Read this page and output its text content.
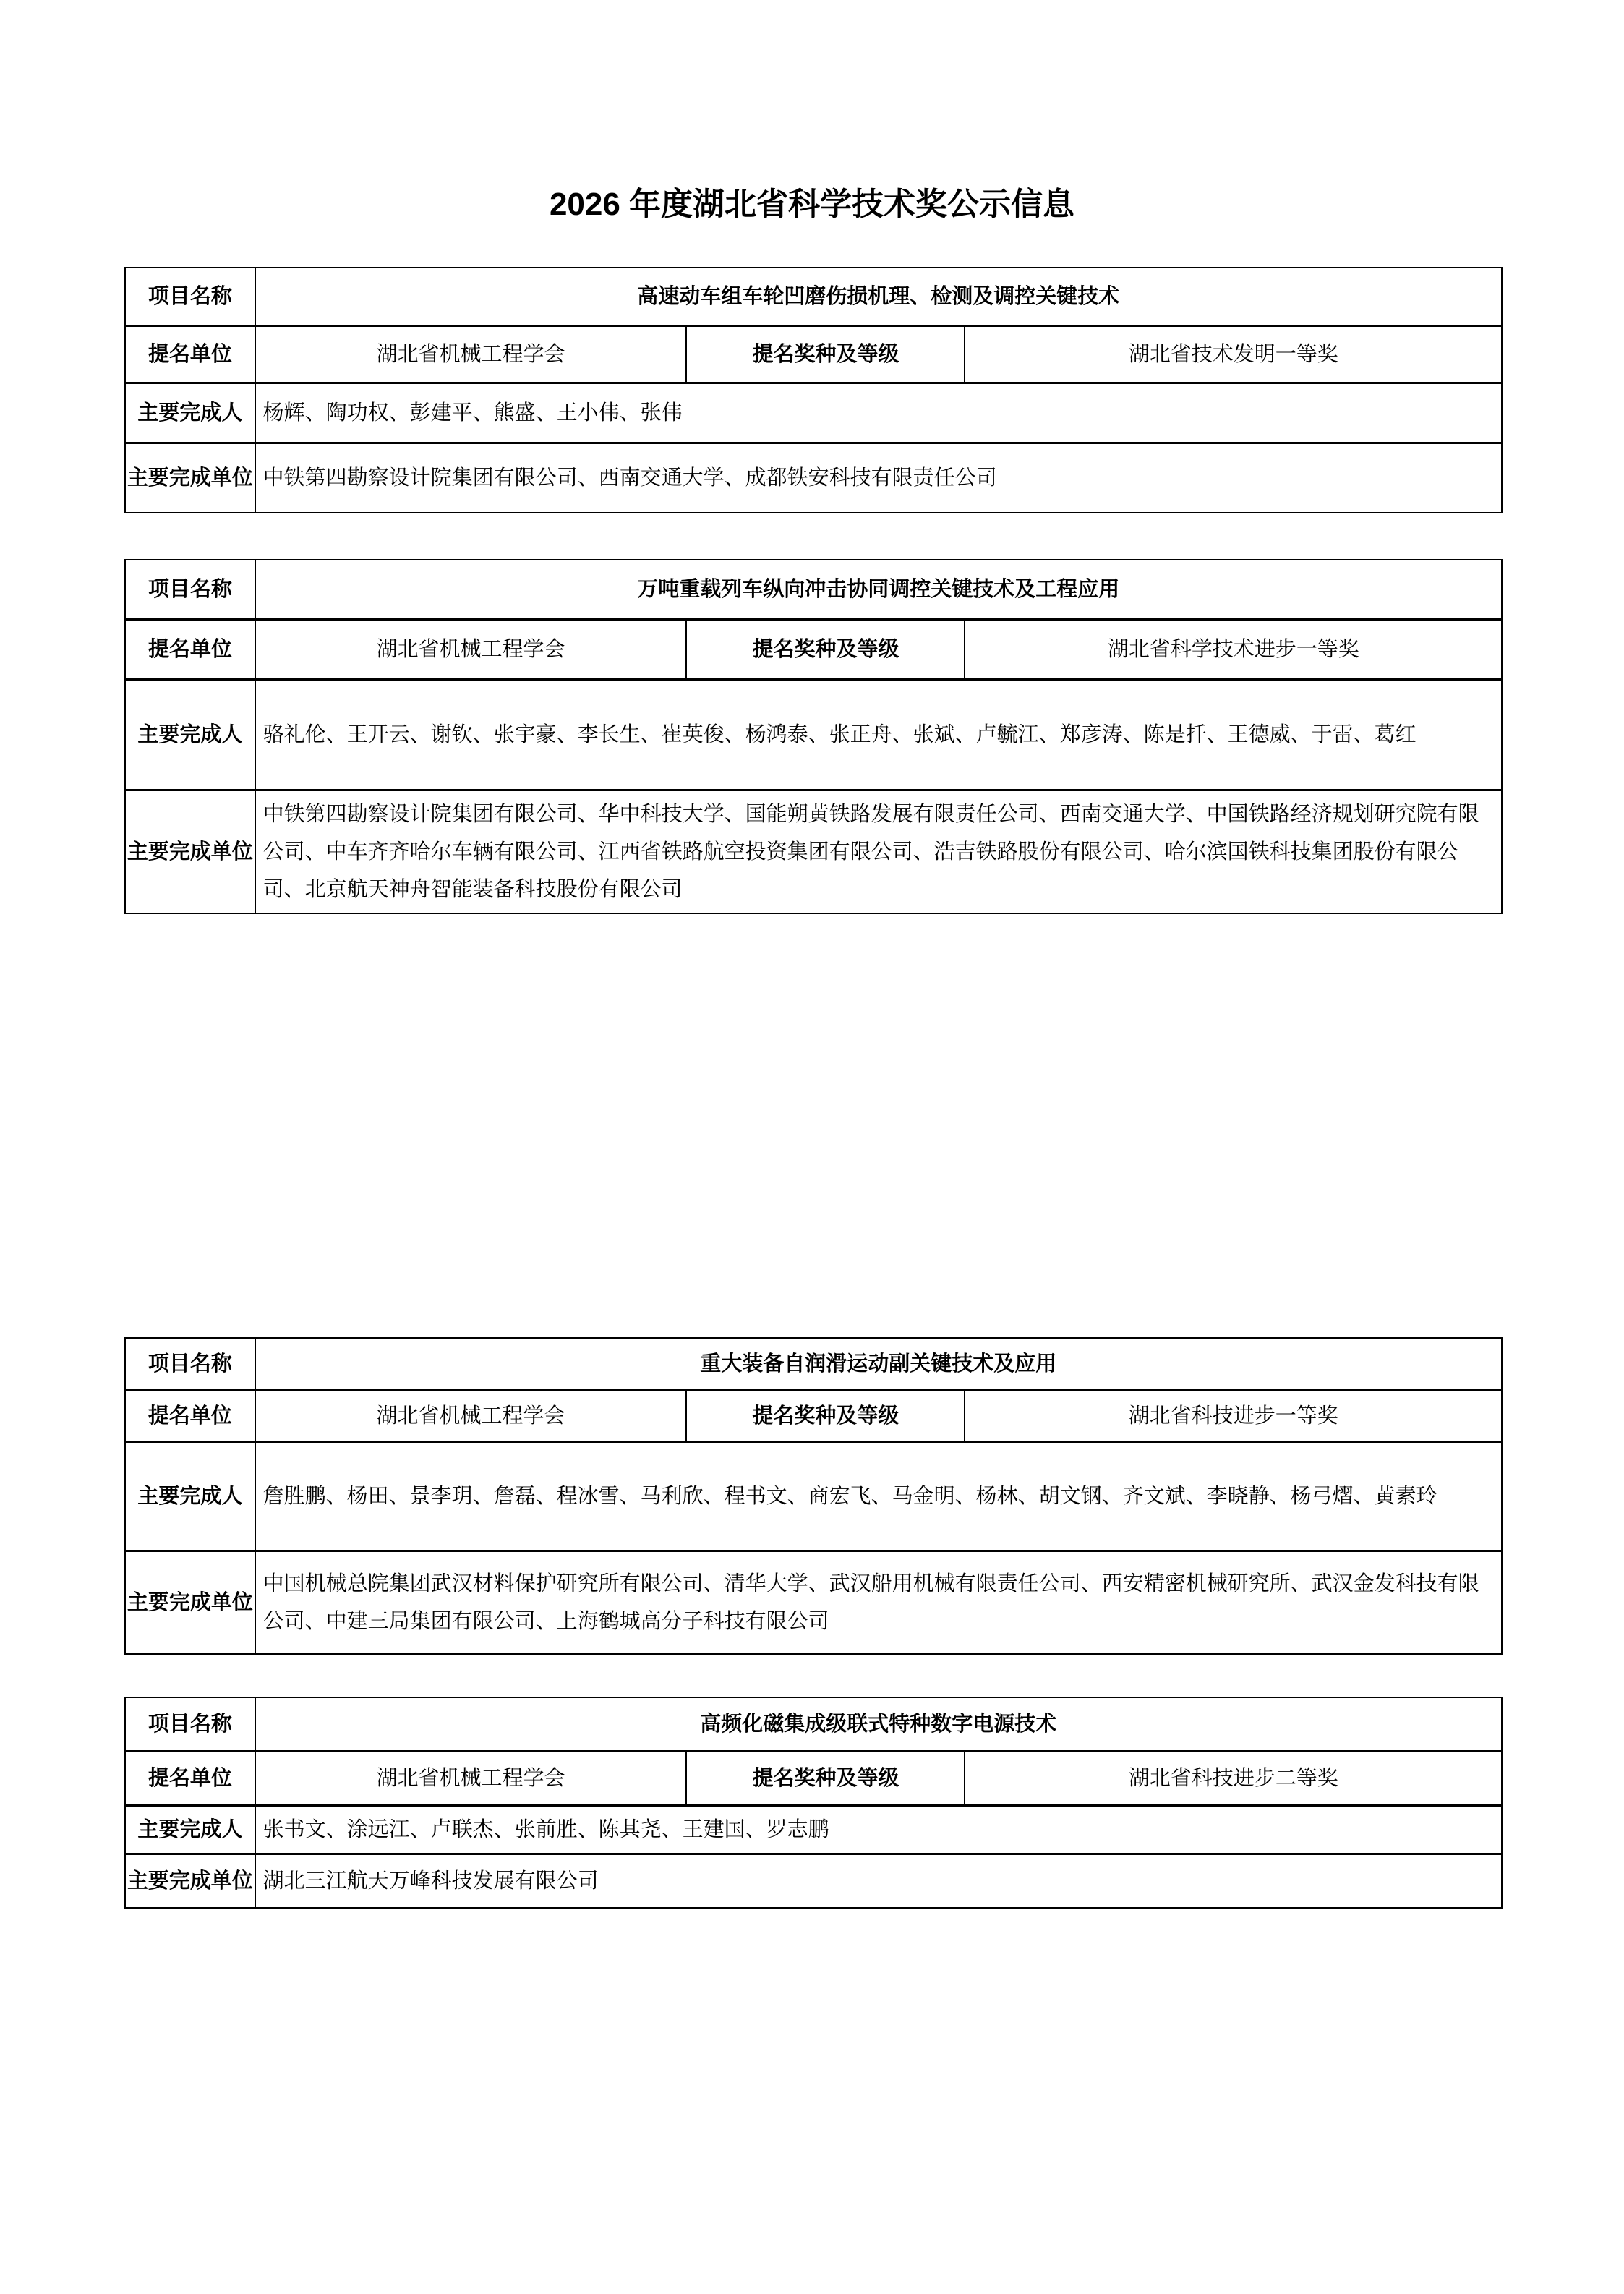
2026 年度湖北省科学技术奖公示信息
项目名称	高速动车组车轮凹磨伤损机理、检测及调控关键技术
提名单位	湖北省机械工程学会	提名奖种及等级	湖北省技术发明一等奖
主要完成人 杨辉、陶功权、彭建平、熊盛、王小伟、张伟
主要完成单位 中铁第四勘察设计院集团有限公司、西南交通大学、成都铁安科技有限责任公司
项目名称	万吨重载列车纵向冲击协同调控关键技术及工程应用
提名单位	湖北省机械工程学会	提名奖种及等级	湖北省科学技术进步一等奖
主要完成人 骆礼伦、王开云、谢钦、张宇豪、李长生、崔英俊、杨鸿泰、张正舟、张斌、卢毓江、郑彦涛、陈是扦、王德威、于雷、葛红
主要完成单位
中铁第四勘察设计院集团有限公司、华中科技大学、国能朔黄铁路发展有限责任公司、西南交通大学、中国铁路经济规划研究院有限公司、中车齐齐哈尔车辆有限公司、江西省铁路航空投资集团有限公司、浩吉铁路股份有限公司、哈尔滨国铁科技集团股份有限公司、北京航天神舟智能装备科技股份有限公司
项目名称	重大装备自润滑运动副关键技术及应用
提名单位	湖北省机械工程学会	提名奖种及等级	湖北省科技进步一等奖
主要完成人 詹胜鹏、杨田、景李玥、詹磊、程冰雪、马利欣、程书文、商宏飞、马金明、杨林、胡文钢、齐文斌、李晓静、杨弓熠、黄素玲
主要完成单位
中国机械总院集团武汉材料保护研究所有限公司、清华大学、武汉船用机械有限责任公司、西安精密机械研究所、武汉金发科技有限公司、中建三局集团有限公司、上海鹤城高分子科技有限公司
项目名称	高频化磁集成级联式特种数字电源技术
提名单位	湖北省机械工程学会	提名奖种及等级	湖北省科技进步二等奖
主要完成人 张书文、涂远江、卢联杰、张前胜、陈其尧、王建国、罗志鹏
主要完成单位 湖北三江航天万峰科技发展有限公司
